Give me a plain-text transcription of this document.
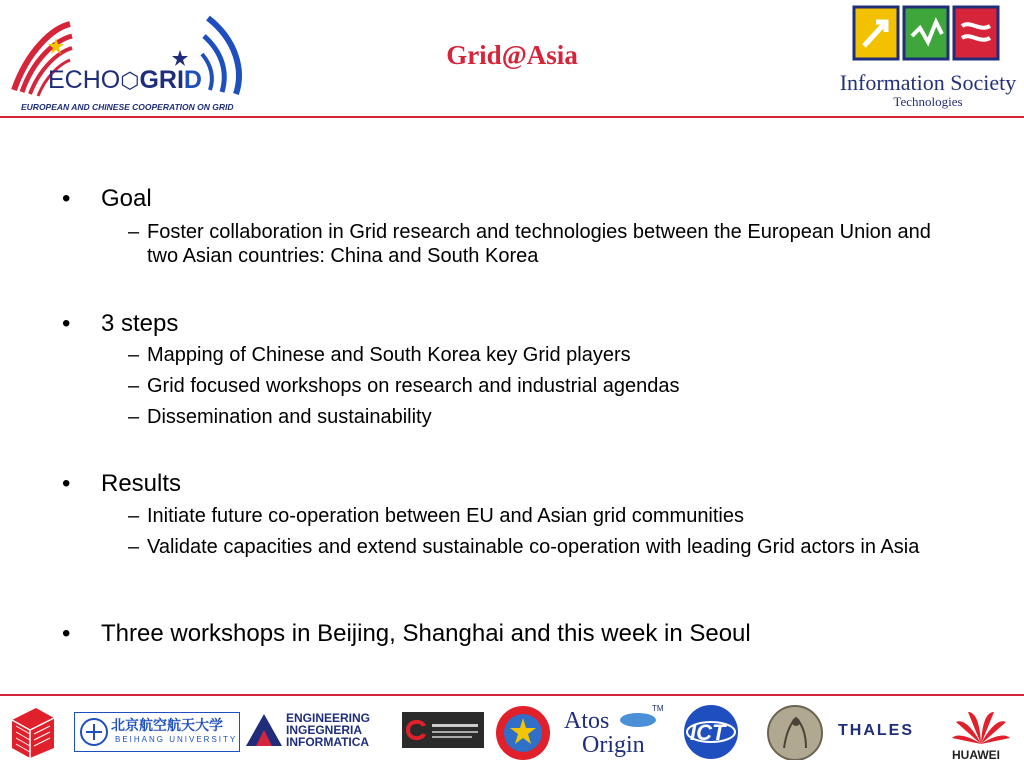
ECHO⬡GRID
EUROPEAN AND CHINESE COOPERATION ON GRID
Grid@Asia
Information Society
Technologies
• Goal
– Foster collaboration in Grid research and technologies between the European Union and two Asian countries: China and South Korea
• 3 steps
– Mapping of Chinese and South Korea key Grid players
– Grid focused workshops on research and industrial agendas
– Dissemination and sustainability
• Results
– Initiate future co-operation between EU and Asian grid communities
– Validate capacities and extend sustainable co-operation with leading Grid actors in Asia
• Three workshops in Beijing, Shanghai and this week in Seoul
北京航空航天大学
BEIHANG UNIVERSITY
ENGINEERING
INGEGNERIA
INFORMATICA
Atos
Origin
TM
ICT	THALES
HUAWEI
